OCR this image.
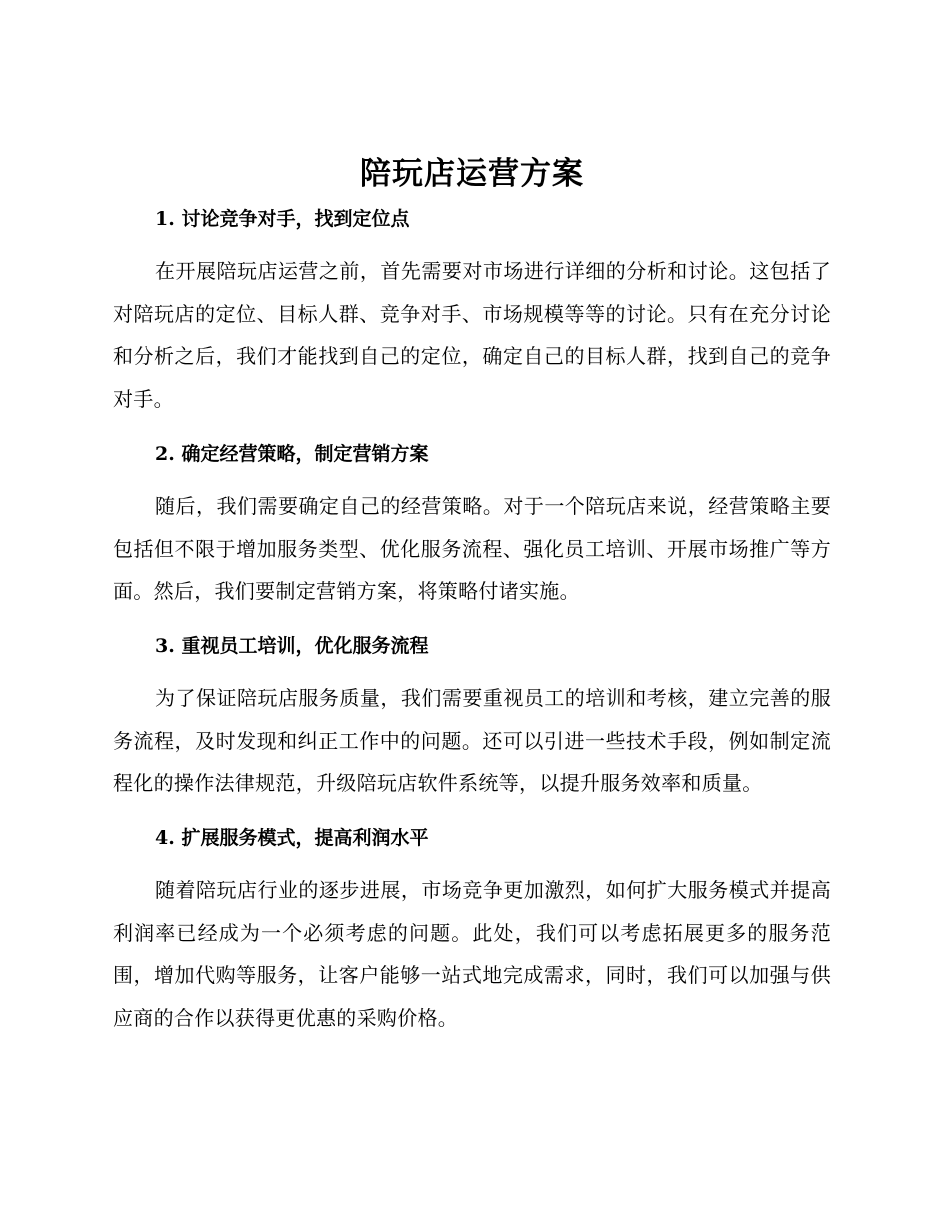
陪玩店运营方案
1. 讨论竞争对手，找到定位点

在开展陪玩店运营之前，首先需要对市场进行详细的分析和讨论。这包括了对陪玩店的定位、目标人群、竞争对手、市场规模等等的讨论。只有在充分讨论和分析之后，我们才能找到自己的定位，确定自己的目标人群，找到自己的竞争对手。

2. 确定经营策略，制定营销方案

随后，我们需要确定自己的经营策略。对于一个陪玩店来说，经营策略主要包括但不限于增加服务类型、优化服务流程、强化员工培训、开展市场推广等方面。然后，我们要制定营销方案，将策略付诸实施。

3. 重视员工培训，优化服务流程

为了保证陪玩店服务质量，我们需要重视员工的培训和考核，建立完善的服务流程，及时发现和纠正工作中的问题。还可以引进一些技术手段，例如制定流程化的操作法律规范，升级陪玩店软件系统等，以提升服务效率和质量。

4. 扩展服务模式，提高利润水平

随着陪玩店行业的逐步进展，市场竞争更加激烈，如何扩大服务模式并提高利润率已经成为一个必须考虑的问题。此处，我们可以考虑拓展更多的服务范围，增加代购等服务，让客户能够一站式地完成需求，同时，我们可以加强与供应商的合作以获得更优惠的采购价格。
